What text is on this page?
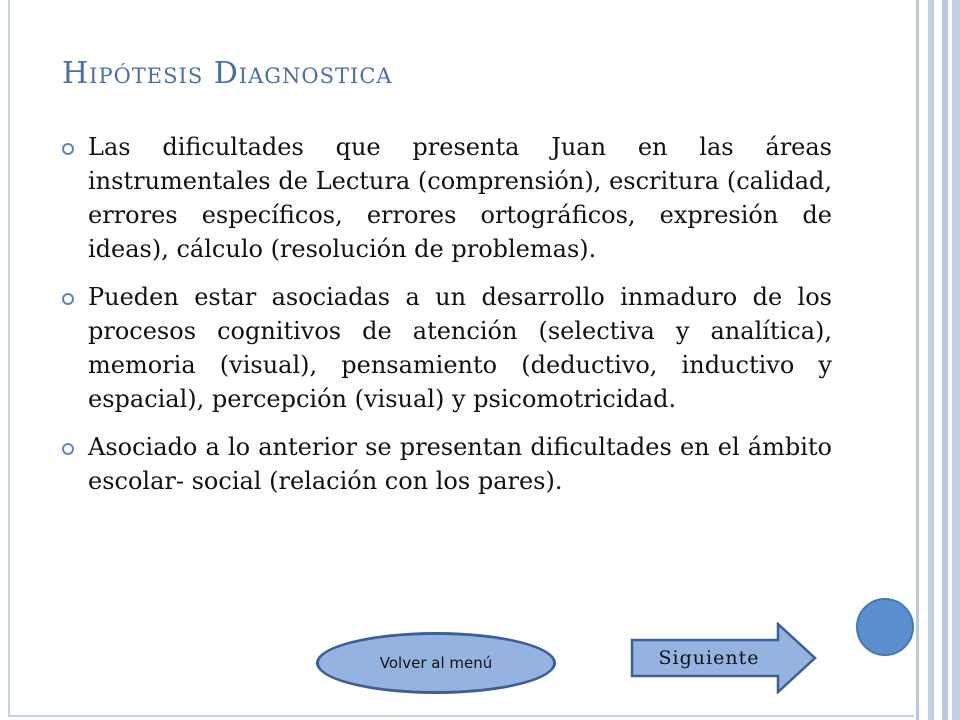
Hipótesis Diagnostica
Las dificultades que presenta Juan en las áreas instrumentales de Lectura (comprensión), escritura (calidad, errores específicos, errores ortográficos, expresión de ideas), cálculo (resolución de problemas).
Pueden estar asociadas a un desarrollo inmaduro de los procesos cognitivos de atención (selectiva y analítica), memoria (visual), pensamiento (deductivo, inductivo y espacial), percepción (visual) y psicomotricidad.
Asociado a lo anterior se presentan dificultades en el ámbito escolar- social (relación con los pares).
Volver al menú	Siguiente
